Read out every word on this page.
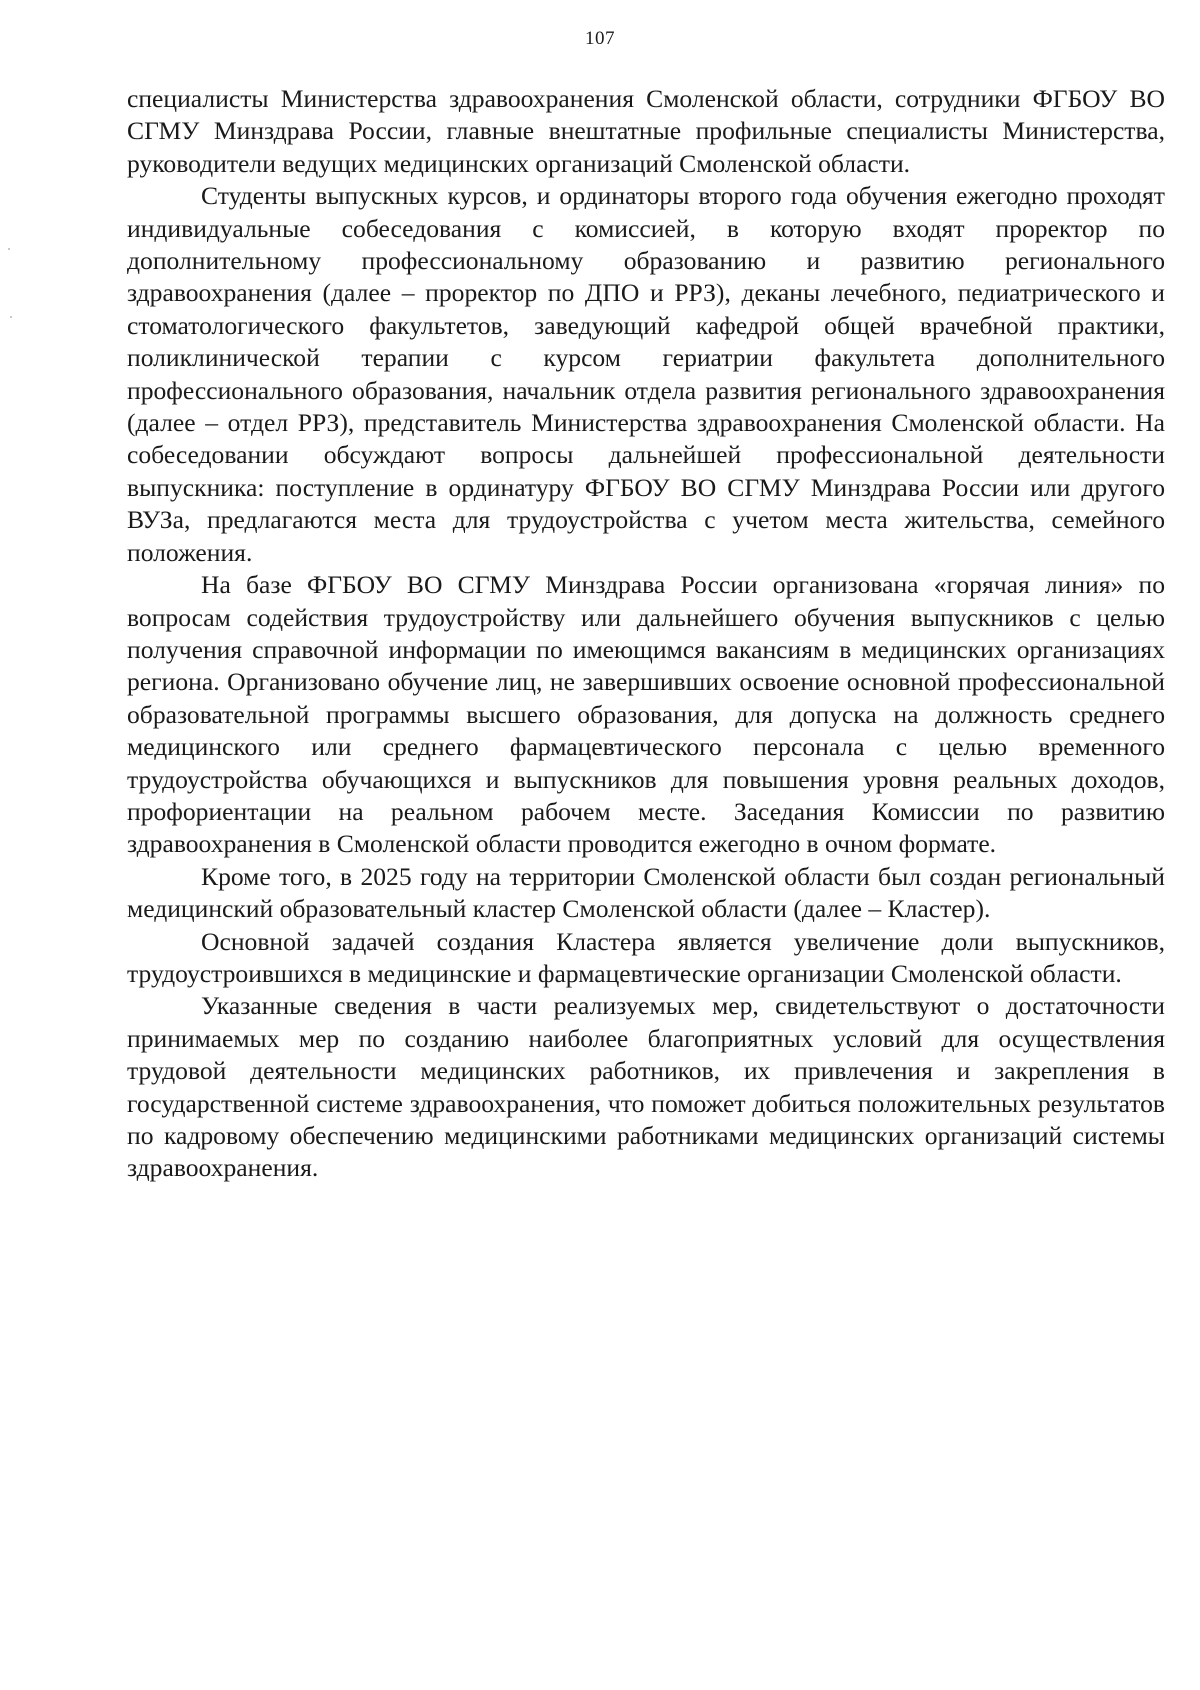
107

специалисты Министерства здравоохранения Смоленской области, сотрудники ФГБОУ ВО СГМУ Минздрава России, главные внештатные профильные специалисты Министерства, руководители ведущих медицинских организаций Смоленской области.

Студенты выпускных курсов, и ординаторы второго года обучения ежегодно проходят индивидуальные собеседования с комиссией, в которую входят проректор по дополнительному профессиональному образованию и развитию регионального здравоохранения (далее – проректор по ДПО и РРЗ), деканы лечебного, педиатрического и стоматологического факультетов, заведующий кафедрой общей врачебной практики, поликлинической терапии с курсом гериатрии факультета дополнительного профессионального образования, начальник отдела развития регионального здравоохранения (далее – отдел РРЗ), представитель Министерства здравоохранения Смоленской области. На собеседовании обсуждают вопросы дальнейшей профессиональной деятельности выпускника: поступление в ординатуру ФГБОУ ВО СГМУ Минздрава России или другого ВУЗа, предлагаются места для трудоустройства с учетом места жительства, семейного положения.

На базе ФГБОУ ВО СГМУ Минздрава России организована «горячая линия» по вопросам содействия трудоустройству или дальнейшего обучения выпускников с целью получения справочной информации по имеющимся вакансиям в медицинских организациях региона. Организовано обучение лиц, не завершивших освоение основной профессиональной образовательной программы высшего образования, для допуска на должность среднего медицинского или среднего фармацевтического персонала с целью временного трудоустройства обучающихся и выпускников для повышения уровня реальных доходов, профориентации на реальном рабочем месте. Заседания Комиссии по развитию здравоохранения в Смоленской области проводится ежегодно в очном формате.

Кроме того, в 2025 году на территории Смоленской области был создан региональный медицинский образовательный кластер Смоленской области (далее – Кластер).

Основной задачей создания Кластера является увеличение доли выпускников, трудоустроившихся в медицинские и фармацевтические организации Смоленской области.

Указанные сведения в части реализуемых мер, свидетельствуют о достаточности принимаемых мер по созданию наиболее благоприятных условий для осуществления трудовой деятельности медицинских работников, их привлечения и закрепления в государственной системе здравоохранения, что поможет добиться положительных результатов по кадровому обеспечению медицинскими работниками медицинских организаций системы здравоохранения.
